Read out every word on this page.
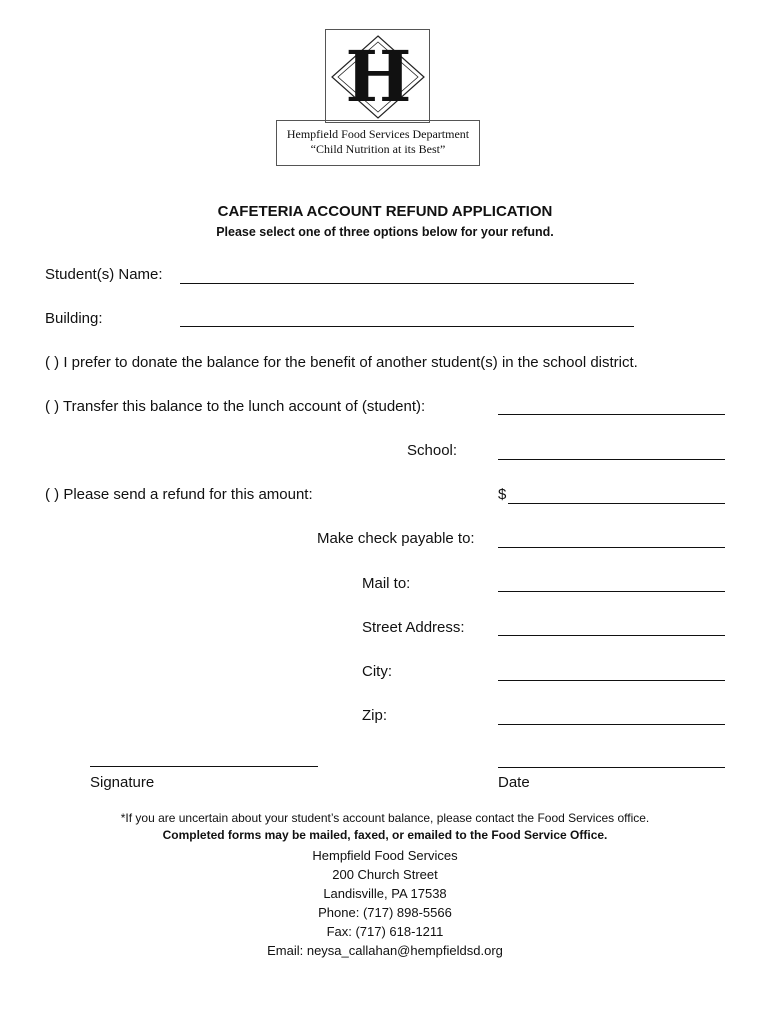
H
Hempfield Food Services Department
“Child Nutrition at its Best”
CAFETERIA ACCOUNT REFUND APPLICATION
Please select one of three options below for your refund.
Student(s) Name:
Building:
( ) I prefer to donate the balance for the benefit of another student(s) in the school district.
( ) Transfer this balance to the lunch account of (student):
School:
( ) Please send a refund for this amount:	$
Make check payable to:
Mail to:
Street Address:
City:
Zip:
Signature	Date
*If you are uncertain about your student’s account balance, please contact the Food Services office.
Completed forms may be mailed, faxed, or emailed to the Food Service Office.
Hempfield Food Services
200 Church Street
Landisville, PA 17538
Phone: (717) 898-5566
Fax: (717) 618-1211
Email: neysa_callahan@hempfieldsd.org
